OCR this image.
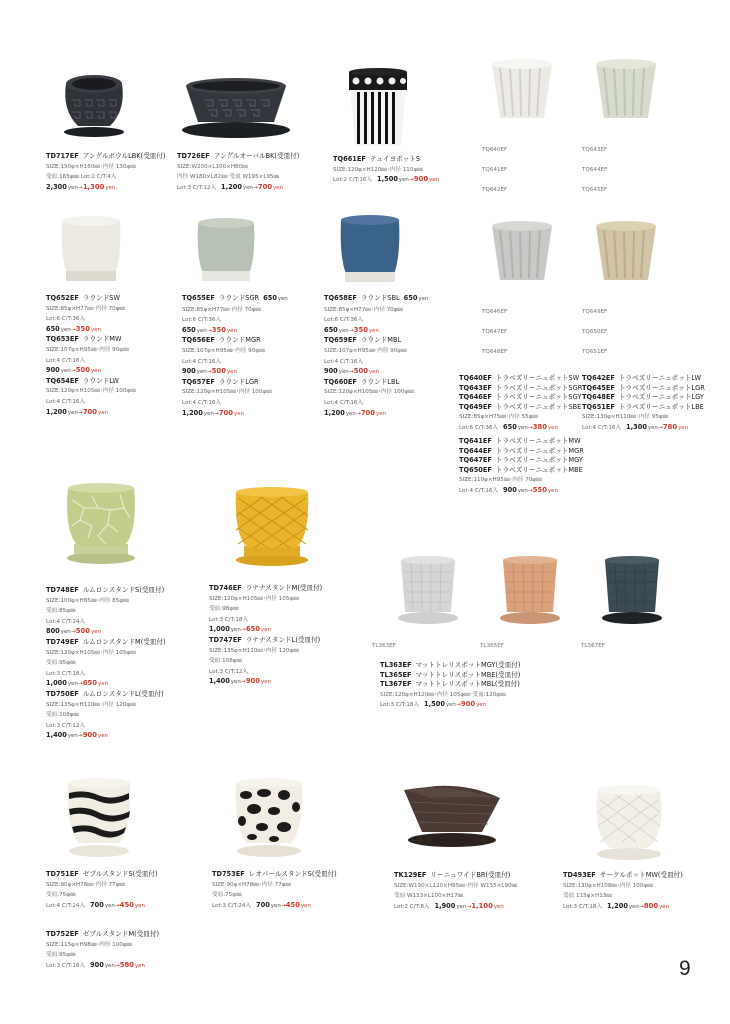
TQ640EF	TQ643EF
TQ641EF	TQ644EF
TQ642EF	TQ645EF
TQ646EF	TQ649EF
TQ647EF	TQ650EF
TQ648EF	TQ651EF
TL363EF	TL365EF	TL367EF
TD717EF アングルボウルLBK(受皿付)
SIZE:190φ×H160㎜･内径 130φ㎜
受皿:165φ㎜ Lot:2 C/T:4入
2,300yen→1,300yen
TD726EF アングルオーバルBK(受皿付)
SIZE:W200×L100×H80㎜
内径 W180×L82㎜･受皿 W195×L95㎜
Lot:3 C/T:12入 1,200yen→700yen
TQ661EF テュイヨポットS
SIZE:120φ×H120㎜･内径 110φ㎜
Lot:2 C/T:16入 1,500yen→900yen
TQ652EF ラウンドSW
SIZE:85φ×H77㎜･内径 70φ㎜
Lot:6 C/T:36入
650yen→350yen
TQ653EF ラウンドMW
SIZE:107φ×H95㎜･内径 90φ㎜
Lot:4 C/T:16入
900yen→500yen
TQ654EF ラウンドLW
SIZE:120φ×H105㎜･内径 100φ㎜
Lot:4 C/T:16入
1,200yen→700yen
TQ655EF ラウンドSGR 650yen
SIZE:85φ×H77㎜･内径 70φ㎜
Lot:6 C/T:36入
650yen→350yen
TQ656EF ラウンドMGR
SIZE:107φ×H95㎜･内径 90φ㎜
Lot:4 C/T:16入
900yen→500yen
TQ657EF ラウンドLGR
SIZE:120φ×H105㎜･内径 100φ㎜
Lot:4 C/T:16入
1,200yen→700yen
TQ658EF ラウンドSBL 650yen
SIZE:85φ×H77㎜･内径 70φ㎜
Lot:6 C/T:36入
650yen→350yen
TQ659EF ラウンドMBL
SIZE:107φ×H95㎜･内径 90φ㎜
Lot:4 C/T:16入
900yen→500yen
TQ660EF ラウンドLBL
SIZE:120φ×H105㎜･内径 100φ㎜
Lot:4 C/T:16入
1,200yen→700yen
TQ640EF トラベズリーニュポットSW
TQ643EF トラベズリーニュポットSGR
TQ646EF トラベズリーニュポットSGY
TQ649EF トラベズリーニュポットSBE
SIZE:85φ×H75㎜･内径 55φ㎜
Lot:6 C/T:36入 650yen→380yen
TQ642EF トラベズリーニュポットLW
TQ645EF トラベズリーニュポットLGR
TQ648EF トラベズリーニュポットLGY
TQ651EF トラベズリーニュポットLBE
SIZE:130φ×H110㎜･内径 95φ㎜
Lot:4 C/T:16入 1,300yen→780yen
TQ641EF トラベズリーニュポットMW
TQ644EF トラベズリーニュポットMGR
TQ647EF トラベズリーニュポットMGY
TQ650EF トラベズリーニュポットMBE
SIZE:110φ×H95㎜･内径 70φ㎜
Lot:4 C/T:16入 900yen→550yen
TD748EF ルムロンスタンドS(受皿付)
SIZE:100φ×H85㎜･内径 85φ㎜
受皿:85φ㎜
Lot:4 C/T:24入
800yen→500yen
TD749EF ルムロンスタンドM(受皿付)
SIZE:120φ×H105㎜･内径 105φ㎜
受皿:95φ㎜
Lot:3 C/T:18入
1,000yen→650yen
TD750EF ルムロンスタンドL(受皿付)
SIZE:135φ×H110㎜･内径 120φ㎜
受皿:108φ㎜
Lot:3 C/T:12入
1,400yen→900yen
TD746EF ラナナスタンドM(受皿付)
SIZE:120φ×H105㎜･内径 105φ㎜
受皿:98φ㎜
Lot:3 C/T:18入
1,000yen→650yen
TD747EF ラナナスタンドL(受皿付)
SIZE:135φ×H110㎜･内径 120φ㎜
受皿:108φ㎜
Lot:3 C/T:12入
1,400yen→900yen
TL363EF マットトレリスポットMGY(受皿付)
TL365EF マットトレリスポットMBE(受皿付)
TL367EF マットトレリスポットMBL(受皿付)
SIZE:120φ×H120㎜･内径 105φ㎜･受皿:120φ㎜
Lot:3 C/T:18入 1,500yen→900yen
TD751EF ゼブルスタンドS(受皿付)
SIZE:90φ×H78㎜･内径 77φ㎜
受皿:75φ㎜
Lot:4 C/T:24入 700yen→450yen
TD753EF レオパールスタンドS(受皿付)
SIZE:90φ×H78㎜･内径 77φ㎜
受皿:75φ㎜
Lot:3 C/T:24入 700yen→450yen
TK129EF リーニュワイドBR(受皿付)
SIZE:W190×L120×H95㎜･内径 W155×L90㎜
受皿 W133×L100×H17㎜
Lot:2 C/T:8入 1,900yen→1,100yen
TD493EF サークルポットMW(受皿付)
SIZE:130φ×H108㎜･内径 100φ㎜
受皿 115φ×H13㎜
Lot:3 C/T:18入 1,200yen→800yen
TD752EF ゼブルスタンドM(受皿付)
SIZE:115φ×H98㎜･内径 100φ㎜
受皿:95φ㎜
Lot:3 C/T:18入 900yen→580yen	9
